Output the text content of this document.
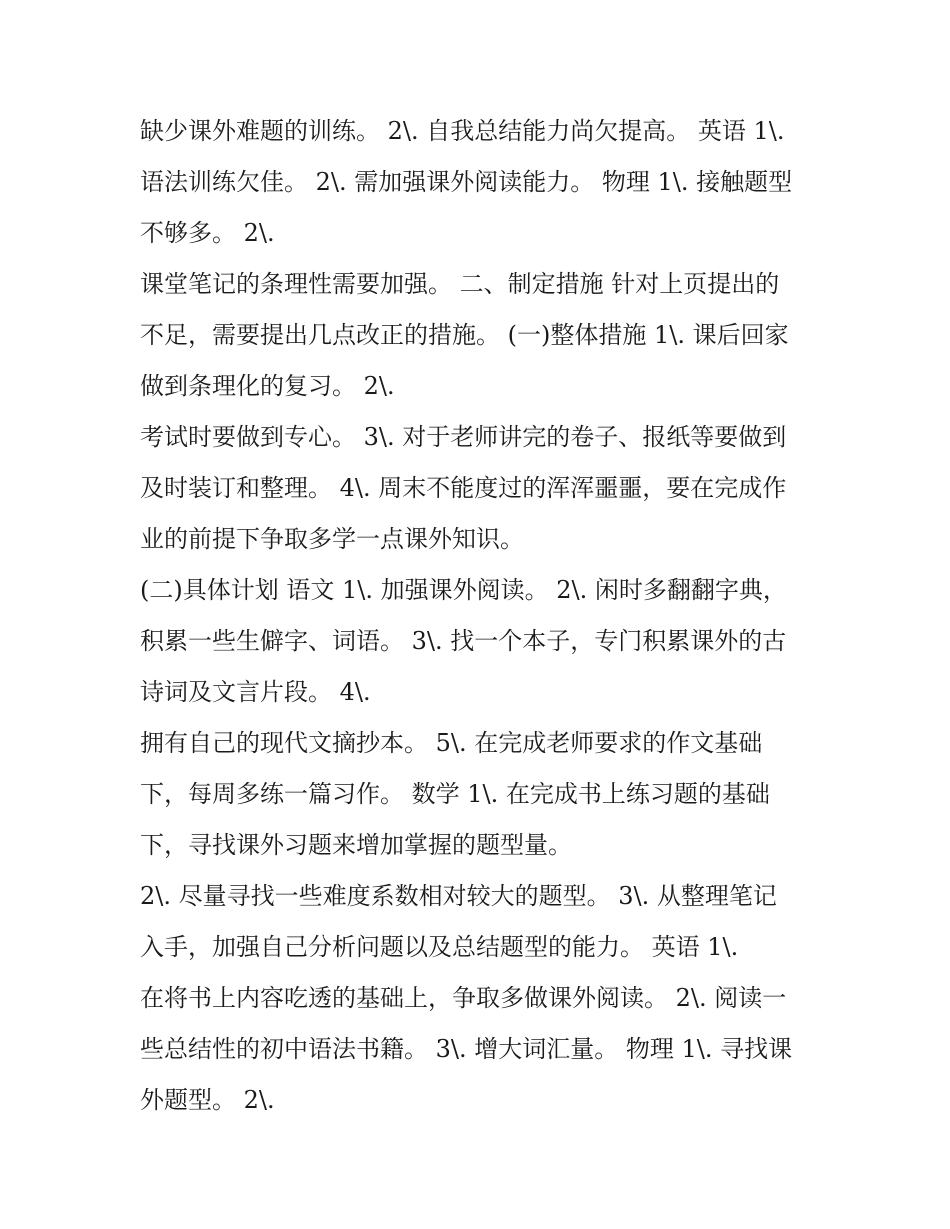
缺少课外难题的训练。 2\. 自我总结能力尚欠提高。 英语 1\.
语法训练欠佳。 2\. 需加强课外阅读能力。 物理 1\. 接触题型
不够多。 2\.
课堂笔记的条理性需要加强。 二、制定措施 针对上页提出的
不足，需要提出几点改正的措施。 (一)整体措施 1\. 课后回家
做到条理化的复习。 2\.
考试时要做到专心。 3\. 对于老师讲完的卷子、报纸等要做到
及时装订和整理。 4\. 周末不能度过的浑浑噩噩，要在完成作
业的前提下争取多学一点课外知识。
(二)具体计划 语文 1\. 加强课外阅读。 2\. 闲时多翻翻字典，
积累一些生僻字、词语。 3\. 找一个本子，专门积累课外的古
诗词及文言片段。 4\.
拥有自己的现代文摘抄本。 5\. 在完成老师要求的作文基础
下，每周多练一篇习作。 数学 1\. 在完成书上练习题的基础
下，寻找课外习题来增加掌握的题型量。
2\. 尽量寻找一些难度系数相对较大的题型。 3\. 从整理笔记
入手，加强自己分析问题以及总结题型的能力。 英语 1\.
在将书上内容吃透的基础上，争取多做课外阅读。 2\. 阅读一
些总结性的初中语法书籍。 3\. 增大词汇量。 物理 1\. 寻找课
外题型。 2\.
